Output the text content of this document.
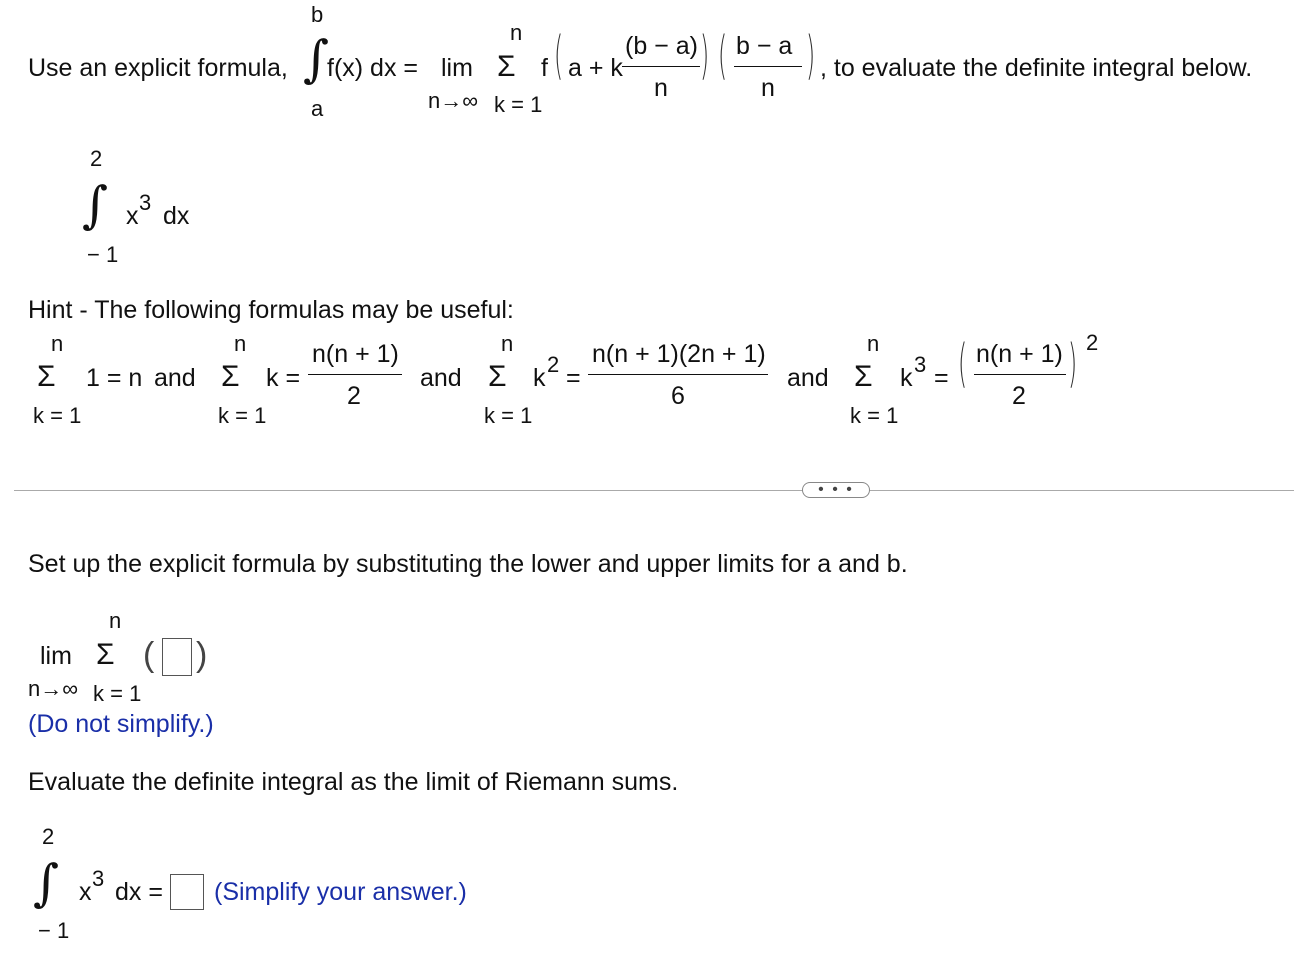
Use an explicit formula,
b
∫
a
f(x) dx = lim
n→∞
n
Σ
k = 1
f ( a + k
(b − a)
n
) ( b − a
n
) , to evaluate the definite integral below.
2
∫
− 1
x 3 dx
Hint - The following formulas may be useful:
n
Σ
k = 1
1 = n and
n
Σ
k = 1
k =
n(n + 1)
2
and
n
Σ
k = 1
k 2 =
n(n + 1)(2n + 1)
6
and
n
Σ
k = 1
k 3 = ( n(n + 1)
2
) 2
• • •
Set up the explicit formula by substituting the lower and upper limits for a and b.
lim
n→∞
n
Σ
k = 1
( )
(Do not simplify.)
Evaluate the definite integral as the limit of Riemann sums.
2
∫
− 1
x 3 dx = (Simplify your answer.)
